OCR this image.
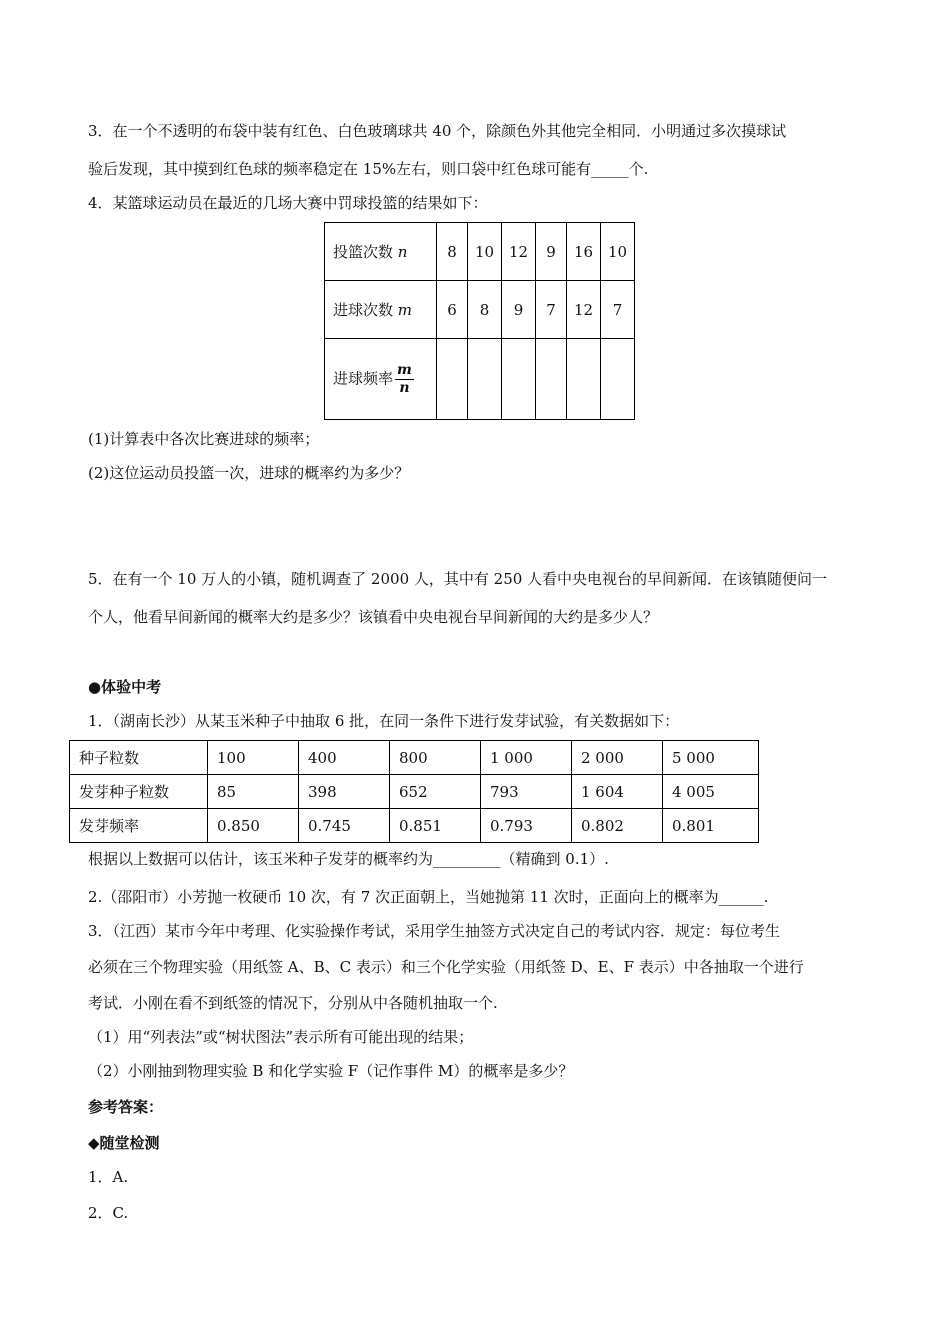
3．在一个不透明的布袋中装有红色、白色玻璃球共 40 个，除颜色外其他完全相同．小明通过多次摸球试
验后发现，其中摸到红色球的频率稳定在 15%左右，则口袋中红色球可能有_____个.
4．某篮球运动员在最近的几场大赛中罚球投篮的结果如下：
投篮次数 n	8	10	12	9	16	10
进球次数 m	6	8	9	7	12	7
进球频率 $\frac{m}{n}$

(1)计算表中各次比赛进球的频率；
(2)这位运动员投篮一次，进球的概率约为多少？
5．在有一个 10 万人的小镇，随机调查了 2000 人，其中有 250 人看中央电视台的早间新闻．在该镇随便问一
个人，他看早间新闻的概率大约是多少？该镇看中央电视台早间新闻的大约是多少人？
●体验中考
1．（湖南长沙）从某玉米种子中抽取 6 批，在同一条件下进行发芽试验，有关数据如下：
种子粒数	100	400	800	1 000	2 000	5 000
发芽种子粒数	85	398	652	793	1 604	4 005
发芽频率	0.850	0.745	0.851	0.793	0.802	0.801
根据以上数据可以估计，该玉米种子发芽的概率约为_________（精确到 0.1）.
2.（邵阳市）小芳抛一枚硬币 10 次，有 7 次正面朝上，当她抛第 11 次时，正面向上的概率为______.
3．（江西）某市今年中考理、化实验操作考试，采用学生抽签方式决定自己的考试内容．规定：每位考生
必须在三个物理实验（用纸签 A、B、C 表示）和三个化学实验（用纸签 D、E、F 表示）中各抽取一个进行
考试．小刚在看不到纸签的情况下，分别从中各随机抽取一个.
（1）用“列表法”或“树状图法”表示所有可能出现的结果；
（2）小刚抽到物理实验 B 和化学实验 F（记作事件 M）的概率是多少？
参考答案：
◆随堂检测
1．A.
2．C.
